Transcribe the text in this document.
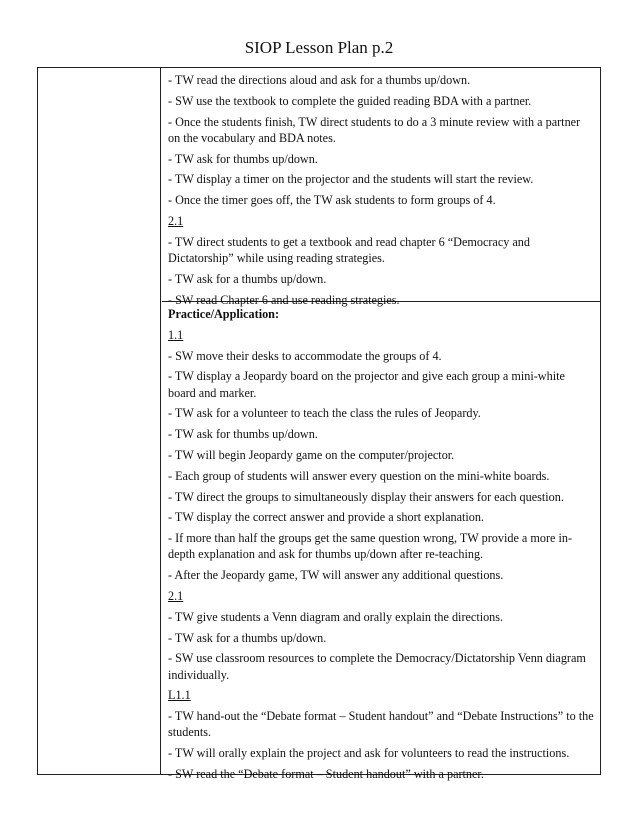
SIOP Lesson Plan p.2

- TW read the directions aloud and ask for a thumbs up/down.

- SW use the textbook to complete the guided reading BDA with a partner.

- Once the students finish, TW direct students to do a 3 minute review with a partner on the vocabulary and BDA notes.

- TW ask for thumbs up/down.

- TW display a timer on the projector and the students will start the review.

- Once the timer goes off, the TW ask students to form groups of 4.

2.1

- TW direct students to get a textbook and read chapter 6 “Democracy and Dictatorship” while using reading strategies.

- TW ask for a thumbs up/down.

- SW read Chapter 6 and use reading strategies.

Practice/Application:

1.1

- SW move their desks to accommodate the groups of 4.

- TW display a Jeopardy board on the projector and give each group a mini-white board and marker.

- TW ask for a volunteer to teach the class the rules of Jeopardy.

- TW ask for thumbs up/down.

- TW will begin Jeopardy game on the computer/projector.

- Each group of students will answer every question on the mini-white boards.

- TW direct the groups to simultaneously display their answers for each question.

- TW display the correct answer and provide a short explanation.

- If more than half the groups get the same question wrong, TW provide a more in-depth explanation and ask for thumbs up/down after re-teaching.

- After the Jeopardy game, TW will answer any additional questions.

2.1

- TW give students a Venn diagram and orally explain the directions.

- TW ask for a thumbs up/down.

- SW use classroom resources to complete the Democracy/Dictatorship Venn diagram individually.

L1.1

- TW hand-out the “Debate format – Student handout” and “Debate Instructions” to the students.

- TW will orally explain the project and ask for volunteers to read the instructions.

- SW read the “Debate format – Student handout” with a partner.
